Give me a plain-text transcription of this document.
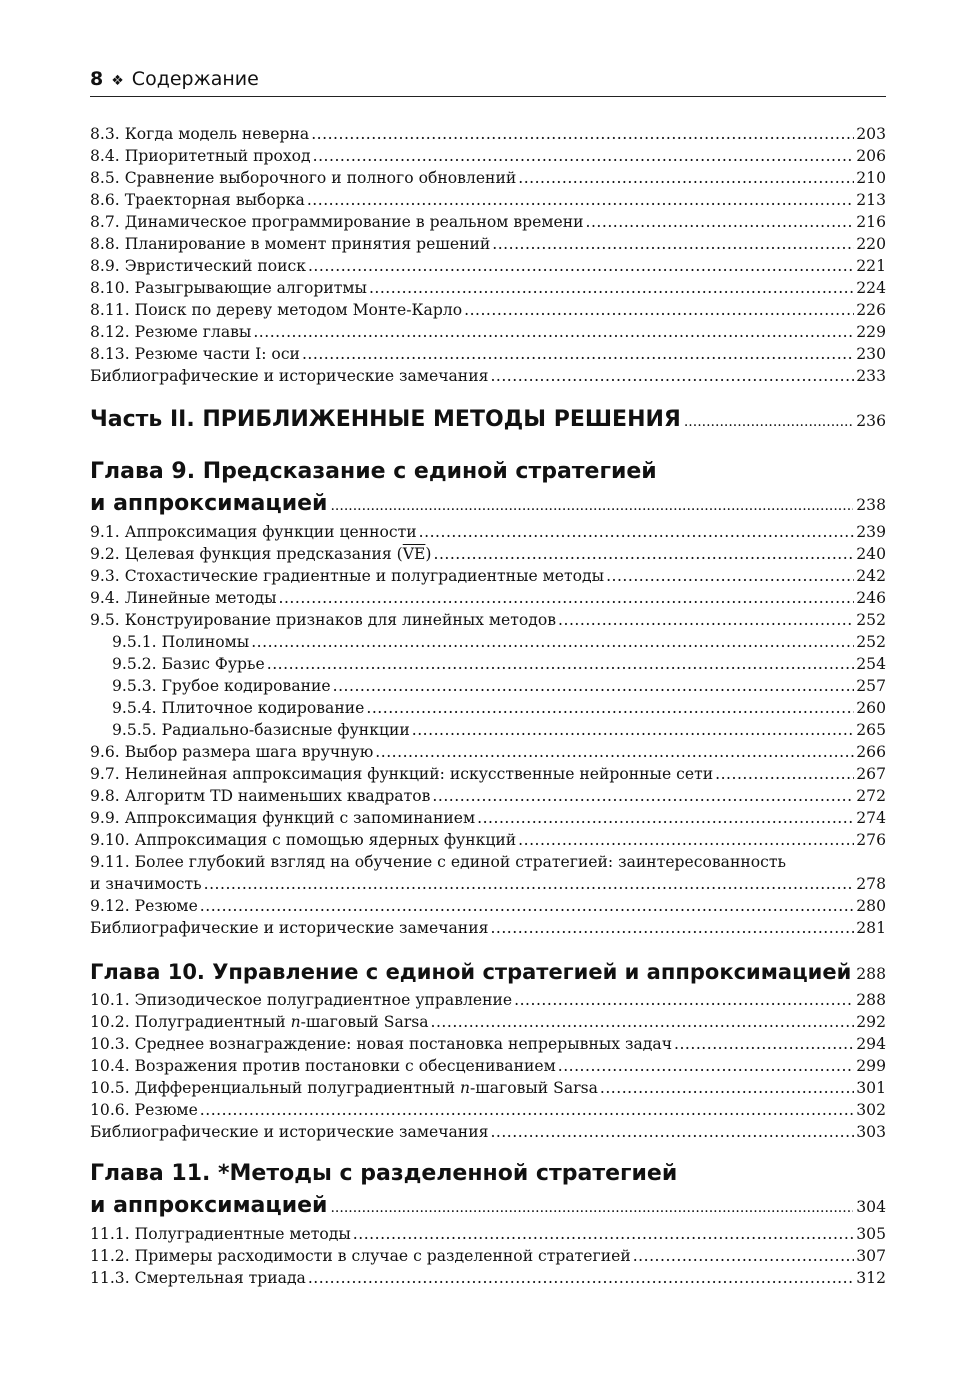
8 ❖ Содержание
8.3. Когда модель неверна .....	203
8.4. Приоритетный проход .....	206
8.5. Сравнение выборочного и полного обновлений .....	210
8.6. Траекторная выборка .....	213
8.7. Динамическое программирование в реальном времени .....	216
8.8. Планирование в момент принятия решений .....	220
8.9. Эвристический поиск .....	221
8.10. Разыгрывающие алгоритмы .....	224
8.11. Поиск по дереву методом Монте-Карло .....	226
8.12. Резюме главы .....	229
8.13. Резюме части I: оси .....	230
Библиографические и исторические замечания .....	233
Часть II. ПРИБЛИЖЕННЫЕ МЕТОДЫ РЕШЕНИЯ .....	236
Глава 9. Предсказание с единой стратегией
и аппроксимацией .....	238
9.1. Аппроксимация функции ценности .....	239
9.2. Целевая функция предсказания $(\overline{VE})$ .....	240
9.3. Стохастические градиентные и полуградиентные методы .....	242
9.4. Линейные методы .....	246
9.5. Конструирование признаков для линейных методов .....	252
9.5.1. Полиномы .....	252
9.5.2. Базис Фурье .....	254
9.5.3. Грубое кодирование .....	257
9.5.4. Плиточное кодирование .....	260
9.5.5. Радиально-базисные функции .....	265
9.6. Выбор размера шага вручную .....	266
9.7. Нелинейная аппроксимация функций: искусственные нейронные сети .....	267
9.8. Алгоритм TD наименьших квадратов .....	272
9.9. Аппроксимация функций с запоминанием .....	274
9.10. Аппроксимация с помощью ядерных функций .....	276
9.11. Более глубокий взгляд на обучение с единой стратегией: заинтересованность
и значимость .....	278
9.12. Резюме .....	280
Библиографические и исторические замечания .....	281
Глава 10. Управление с единой стратегией и аппроксимацией ..... 288
10.1. Эпизодическое полуградиентное управление .....	288
10.2. Полуградиентный n-шаговый Sarsa .....	292
10.3. Среднее вознаграждение: новая постановка непрерывных задач .....	294
10.4. Возражения против постановки с обесцениванием .....	299
10.5. Дифференциальный полуградиентный n-шаговый Sarsa .....	301
10.6. Резюме .....	302
Библиографические и исторические замечания .....	303
Глава 11. *Методы с разделенной стратегией
и аппроксимацией .....	304
11.1. Полуградиентные методы .....	305
11.2. Примеры расходимости в случае с разделенной стратегией .....	307
11.3. Смертельная триада .....	312
